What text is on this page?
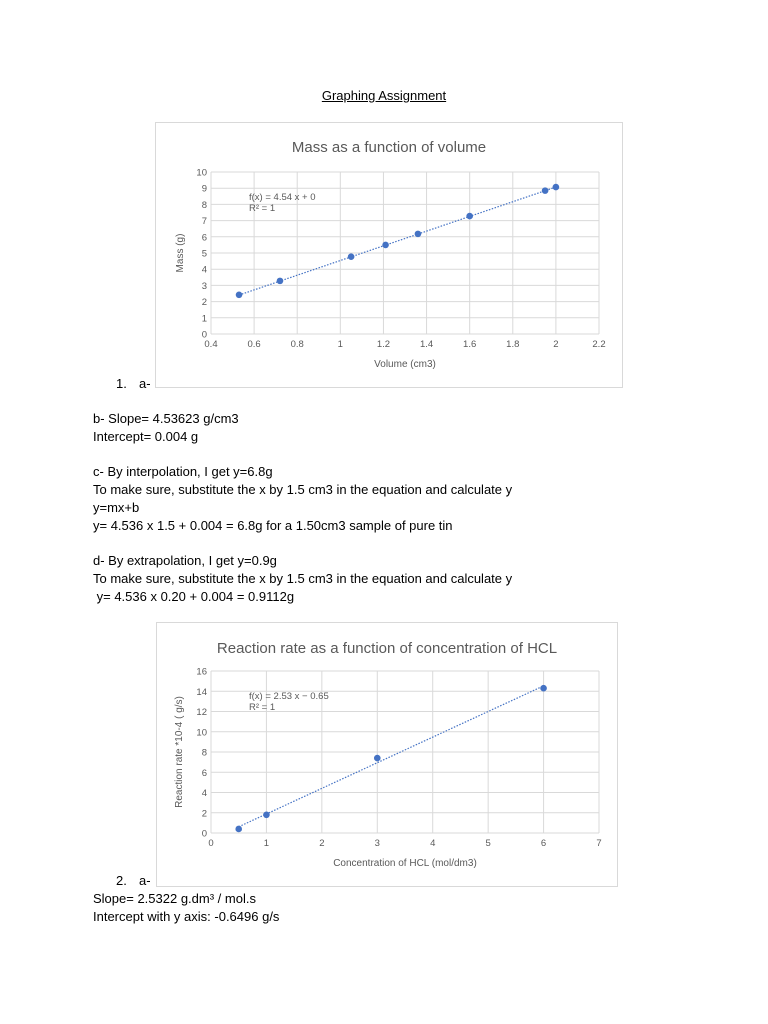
Graphing Assignment
Mass as a function of volume
0
1
2
3
4
5
6
7
8
9
10
0.4	0.6	0.8	1	1.2	1.4	1.6	1.8	2	2.2
Volume (cm3)
Mass (g)
f(x) = 4.54 x + 0
R² = 1
1. a-
b- Slope= 4.53623 g/cm3
Intercept= 0.004 g
c- By interpolation, I get y=6.8g
To make sure, substitute the x by 1.5 cm3 in the equation and calculate y
y=mx+b
y= 4.536 x 1.5 + 0.004 = 6.8g for a 1.50cm3 sample of pure tin
d- By extrapolation, I get y=0.9g
To make sure, substitute the x by 1.5 cm3 in the equation and calculate y
y= 4.536 x 0.20 + 0.004 = 0.9112g
Reaction rate as a function of concentration of HCL
0
2
4
6
8
10
12
14
16
0	1	2	3	4	5	6	7
Concentration of HCL (mol/dm3)
Reaction rate *10-4 ( g/s)	f(x) = 2.53 x − 0.65
R² = 1
2. a-
Slope= 2.5322 g.dm³ / mol.s
Intercept with y axis: -0.6496 g/s
